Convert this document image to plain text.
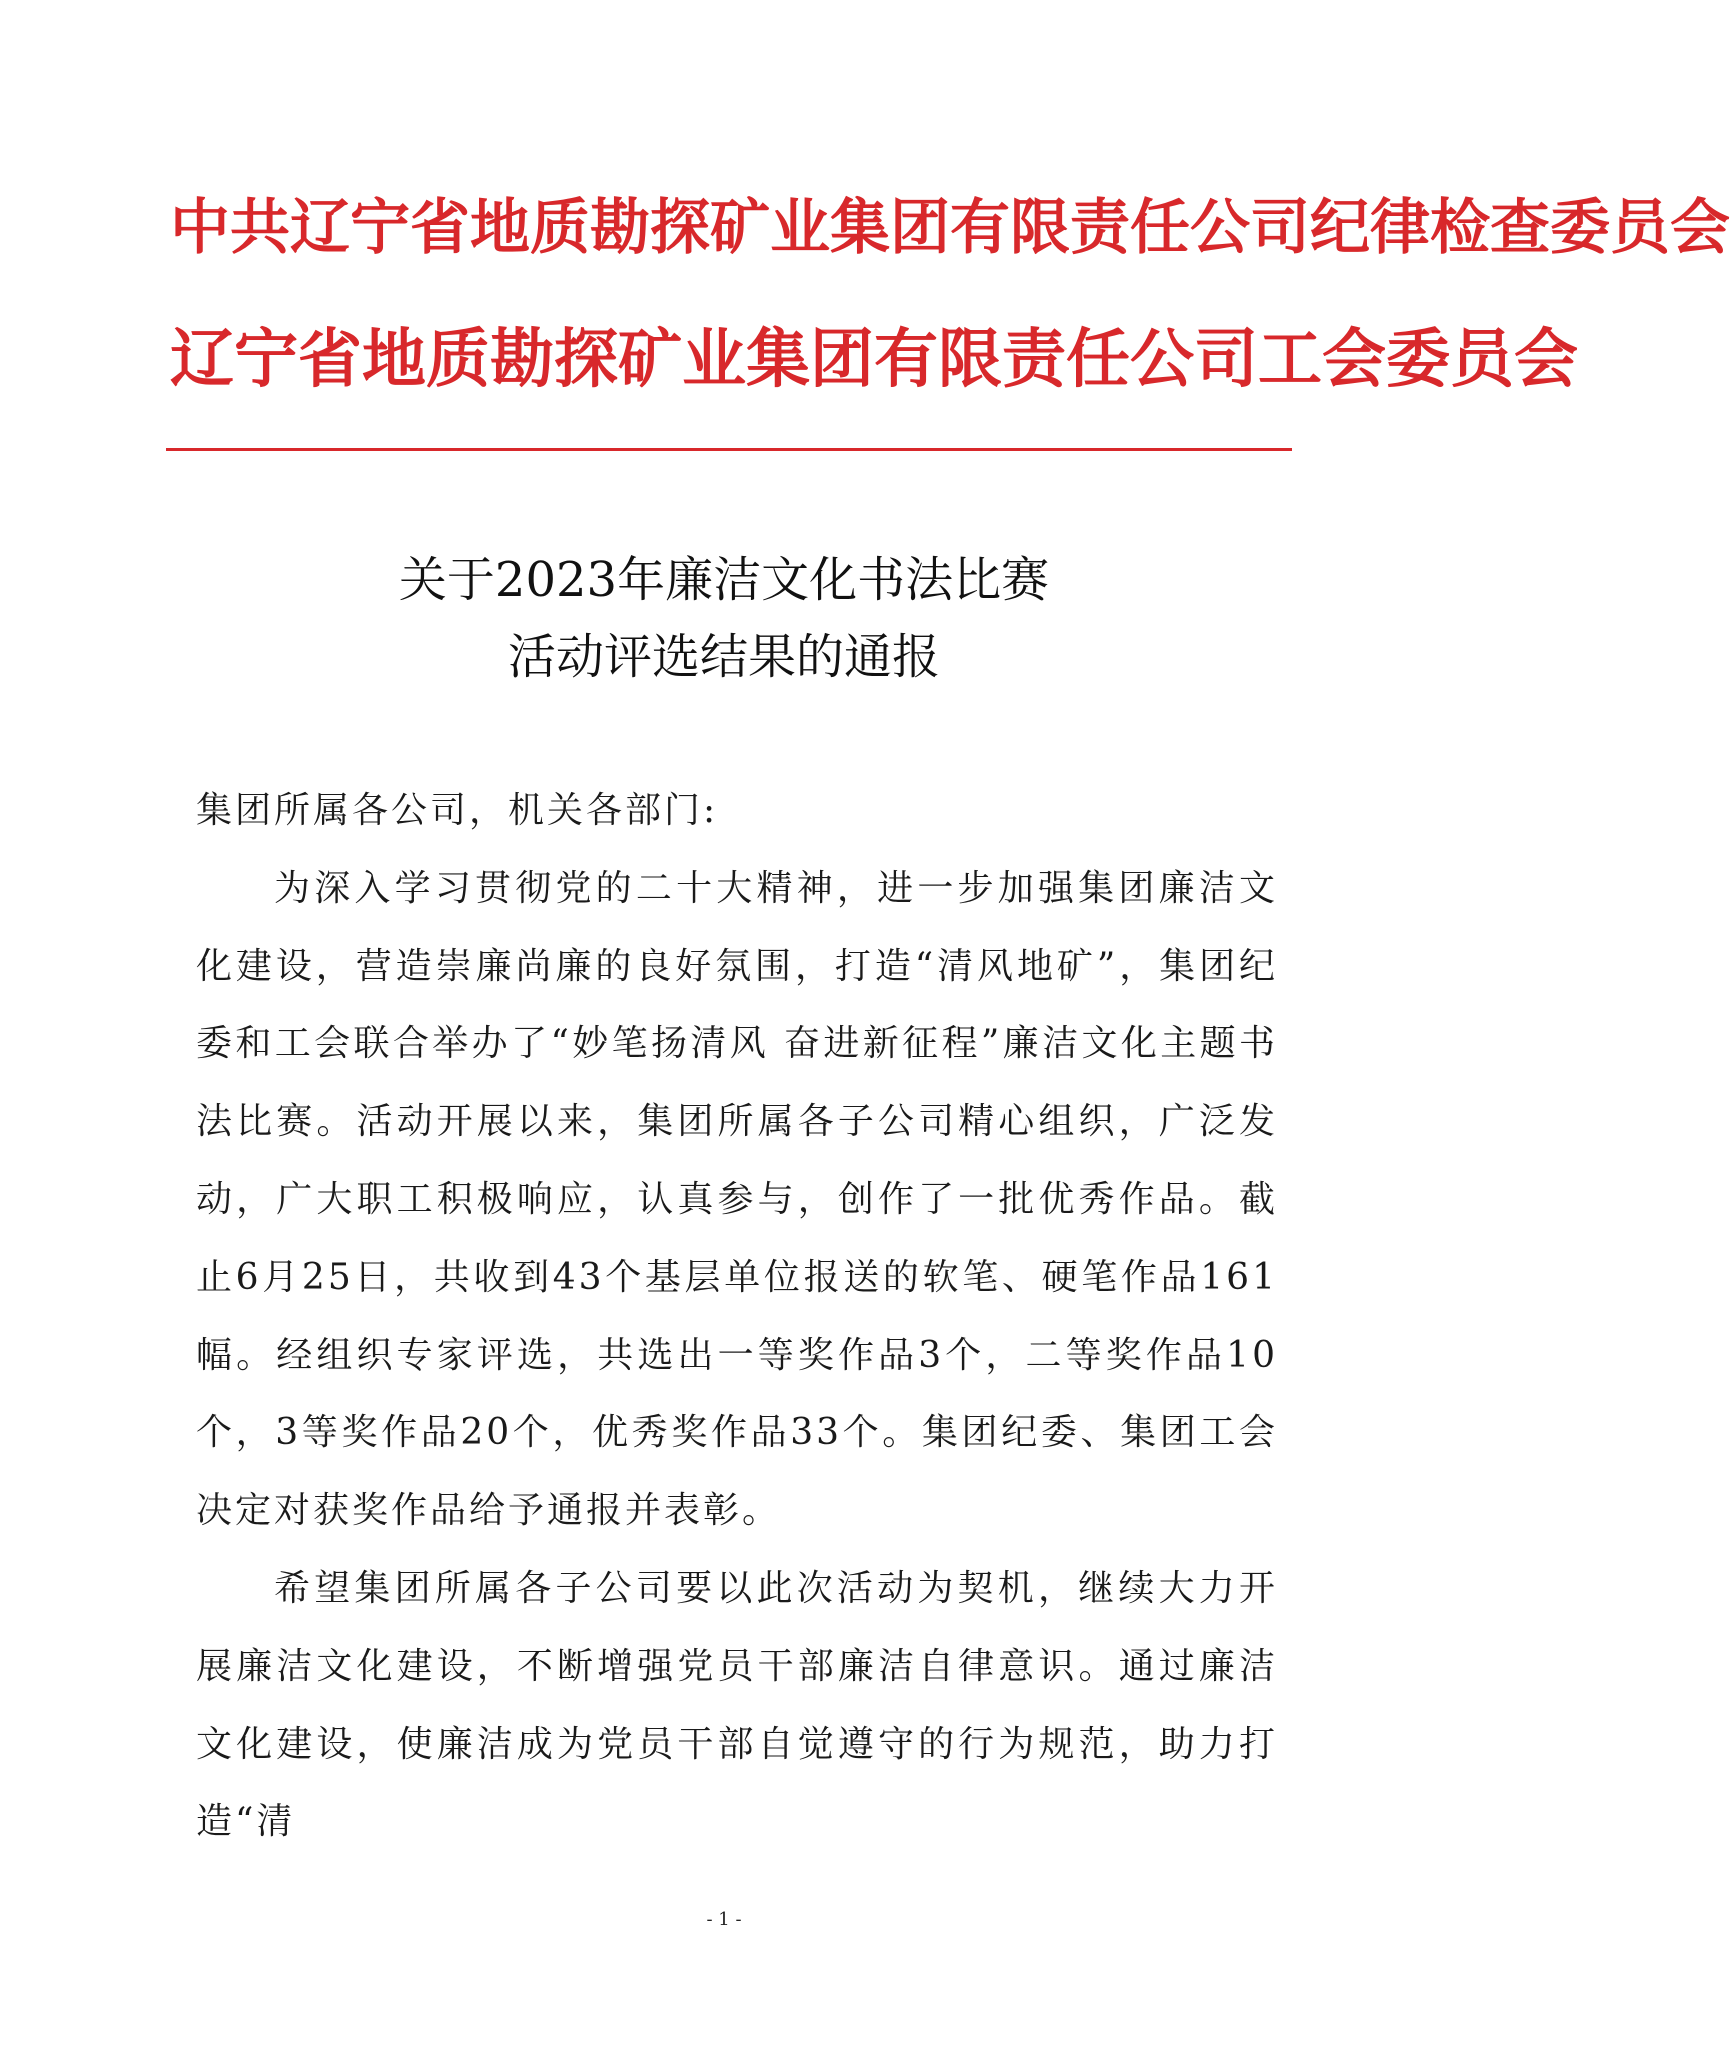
中共辽宁省地质勘探矿业集团有限责任公司纪律检查委员会
辽宁省地质勘探矿业集团有限责任公司工会委员会
关于2023年廉洁文化书法比赛
活动评选结果的通报

集团所属各公司，机关各部门:

为深入学习贯彻党的二十大精神，进一步加强集团廉洁文化建设，营造崇廉尚廉的良好氛围，打造“清风地矿”，集团纪委和工会联合举办了“妙笔扬清风 奋进新征程”廉洁文化主题书法比赛。活动开展以来，集团所属各子公司精心组织，广泛发动，广大职工积极响应，认真参与，创作了一批优秀作品。截止6月25日，共收到43个基层单位报送的软笔、硬笔作品161幅。经组织专家评选，共选出一等奖作品3个，二等奖作品10个，3等奖作品20个，优秀奖作品33个。集团纪委、集团工会决定对获奖作品给予通报并表彰。

希望集团所属各子公司要以此次活动为契机，继续大力开展廉洁文化建设，不断增强党员干部廉洁自律意识。通过廉洁文化建设，使廉洁成为党员干部自觉遵守的行为规范，助力打造“清

- 1 -
